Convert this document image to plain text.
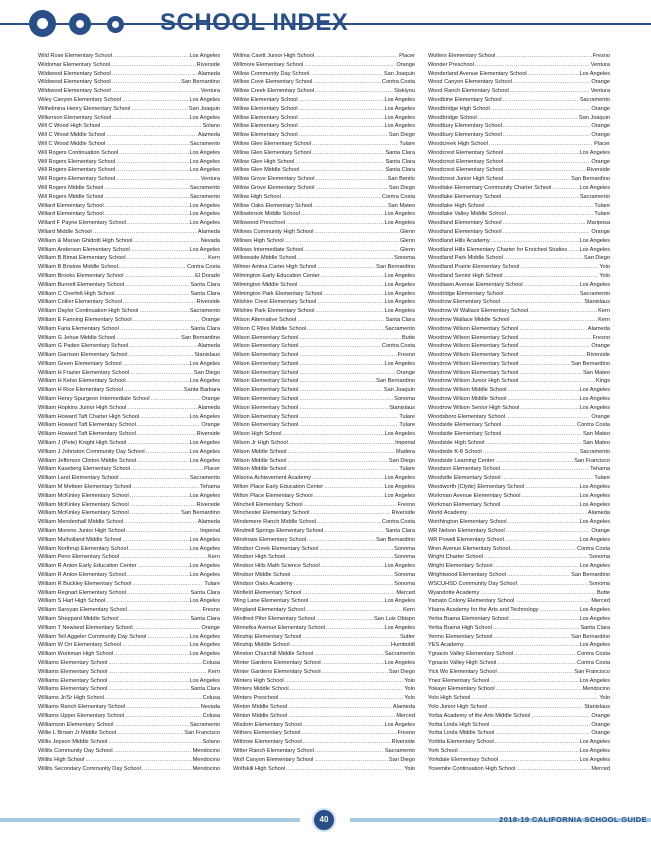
SCHOOL INDEX
Wild Rose Elementary School .....	Los Angeles
Wildomar Elementary School .....	Riverside
Wildwood Elementary School .....	Alameda
Wildwood Elementary School .....	San Bernardino
Wildwood Elementary School .....	Ventura
Wiley Canyon Elementary School .....	Los Angeles
Wilhelmina Henry Elementary School .....	San Joaquin
Wilkerson Elementary School .....	Los Angeles
Will C Wood High School .....	Solano
Will C Wood Middle School .....	Alameda
Will C Wood Middle School .....	Sacramento
Will Rogers Continuation School .....	Los Angeles
Will Rogers Elementary School .....	Los Angeles
Will Rogers Elementary School .....	Los Angeles
Will Rogers Elementary School .....	Ventura
Will Rogers Middle School .....	Sacramento
Will Rogers Middle School .....	Sacramento
Willard Elementary School .....	Los Angeles
Willard Elementary School .....	Los Angeles
Willard F Payne Elementary School .....	Los Angeles
Willard Middle School .....	Alameda
William & Marian Ghidotti High School .....	Nevada
William Anderson Elementary School .....	Los Angeles
William B Bimat Elementary School .....	Kern
William B Bristow Middle School .....	Contra Costa
William Brooks Elementary School .....	El Dorado
William Burnett Elementary School .....	Santa Clara
William C Overfelt High School .....	Santa Clara
William Collier Elementary School .....	Riverside
William Daylor Continuation High School .....	Sacramento
William E Fanning Elementary School .....	Orange
William Faria Elementary School .....	Santa Clara
William G Jehue Middle School .....	San Bernardino
William G Paden Elementary School .....	Alameda
William Garrison Elementary School .....	Stanislaus
William Green Elementary School .....	Los Angeles
William H Frazier Elementary School .....	San Diego
William H Kelso Elementary School .....	Los Angeles
William H Rice Elementary School .....	Santa Barbara
William Henry Spurgeon Intermediate School .....	Orange
William Hopkins Junior High School .....	Alameda
William Howard Taft Charter High School .....	Los Angeles
William Howard Taft Elementary School .....	Orange
William Howard Taft Elementary School .....	Riverside
William J (Pete) Knight High School .....	Los Angeles
William J Johnston Community Day School .....	Los Angeles
William Jefferson Clinton Middle School .....	Los Angeles
William Kaseberg Elementary School .....	Placer
William Land Elementary School .....	Sacramento
William M Metteer Elementary School .....	Tehama
William McKinley Elementary School .....	Los Angeles
William McKinley Elementary School .....	Riverside
William McKinley Elementary School .....	San Bernardino
William Mendenhall Middle School .....	Alameda
William Moreno Junior High School .....	Imperial
William Mulholland Middle School .....	Los Angeles
William Northrup Elementary School .....	Los Angeles
William Penn Elementary School .....	Kern
William R Anton Early Education Center .....	Los Angeles
William R Anton Elementary School .....	Los Angeles
William R Buckley Elementary School .....	Tulare
William Regnart Elementary School .....	Santa Clara
William S Hart High School .....	Los Angeles
William Saroyan Elementary School .....	Fresno
William Sheppard Middle School .....	Santa Clara
William T Newland Elementary School .....	Orange
William Tell Aggeler Community Day School .....	Los Angeles
William W Orr Elementary School .....	Los Angeles
William Workman High School .....	Los Angeles
Williams Elementary School .....	Colusa
Williams Elementary School .....	Kern
Williams Elementary School .....	Los Angeles
Williams Elementary School .....	Santa Clara
Williams Jr/Sr High School .....	Colusa
Williams Ranch Elementary School .....	Nevada
Williams Upper Elementary School .....	Colusa
Williamson Elementary School .....	Sacramento
Willie L Brown Jr Middle School .....	San Francisco
Willis Jepson Middle School .....	Solano
Willits Community Day School .....	Mendocino
Willits High School .....	Mendocino
Willits Secondary Community Day School .....	Mendocino
Willma Cavitt Junior High School .....	Placer
Willmore Elementary School .....	Orange
Willow Community Day School .....	San Joaquin
Willow Cove Elementary School .....	Contra Costa
Willow Creek Elementary School .....	Siskiyou
Willow Elementary School .....	Los Angeles
Willow Elementary School .....	Los Angeles
Willow Elementary School .....	Los Angeles
Willow Elementary School .....	Los Angeles
Willow Elementary School .....	San Diego
Willow Glen Elementary School .....	Tulare
Willow Glen Elementary School .....	Santa Clara
Willow Glen High School .....	Santa Clara
Willow Glen Middle School .....	Santa Clara
Willow Grove Elementary School .....	San Benito
Willow Grove Elementary School .....	San Diego
Willow High School .....	Contra Costa
Willow Oaks Elementary School .....	San Mateo
Willowbrook Middle School .....	Los Angeles
Willowood Preschool .....	Los Angeles
Willows Community High School .....	Glenn
Willows High School .....	Glenn
Willows Intermediate School .....	Glenn
Willowside Middle School .....	Sonoma
Wilmer Amina Carter High School .....	San Bernardino
Wilmington Early Education Center .....	Los Angeles
Wilmington Middle School .....	Los Angeles
Wilmington Park Elementary School .....	Los Angeles
Wilshire Crest Elementary School .....	Los Angeles
Wilshire Park Elementary School .....	Los Angeles
Wilson Alternative School .....	Santa Clara
Wilson C Riles Middle School .....	Sacramento
Wilson Elementary School .....	Butte
Wilson Elementary School .....	Contra Costa
Wilson Elementary School .....	Fresno
Wilson Elementary School .....	Los Angeles
Wilson Elementary School .....	Orange
Wilson Elementary School .....	San Bernardino
Wilson Elementary School .....	San Joaquin
Wilson Elementary School .....	Sonoma
Wilson Elementary School .....	Stanislaus
Wilson Elementary School .....	Tulare
Wilson Elementary School .....	Tulare
Wilson High School .....	Los Angeles
Wilson Jr High School .....	Imperial
Wilson Middle School .....	Madera
Wilson Middle School .....	San Diego
Wilson Middle School .....	Tulare
Wilsona Achievement Academy .....	Los Angeles
Wilton Place Early Education Center .....	Los Angeles
Wilton Place Elementary School .....	Los Angeles
Winchell Elementary School .....	Fresno
Winchester Elementary School .....	Riverside
Windemere Ranch Middle School .....	Contra Costa
Windmill Springs Elementary School .....	Santa Clara
Windrows Elementary School .....	San Bernardino
Windsor Creek Elementary School .....	Sonoma
Windsor High School .....	Sonoma
Windsor Hills Math Science School .....	Los Angeles
Windsor Middle School .....	Sonoma
Windsor Oaks Academy .....	Sonoma
Winfield Elementary School .....	Merced
Wing Lane Elementary School .....	Los Angeles
Wingland Elementary School .....	Kern
Winifred Pifer Elementary School .....	San Luis Obispo
Winnetka Avenue Elementary School .....	Los Angeles
Winship Elementary School .....	Sutter
Winship Middle School .....	Humboldt
Winston Churchill Middle School .....	Sacramento
Winter Gardens Elementary School .....	Los Angeles
Winter Gardens Elementary School .....	San Diego
Winters High School .....	Yolo
Winters Middle School .....	Yolo
Winters Preschool .....	Yolo
Winton Middle School .....	Alameda
Winton Middle School .....	Merced
Wisdom Elementary School .....	Los Angeles
Withers Elementary School .....	Fresno
Withrow Elementary School .....	Riverside
Witter Ranch Elementary School .....	Sacramento
Wolf Canyon Elementary School .....	San Diego
Wolfskill High School .....	Yolo
Wolters Elementary School .....	Fresno
Wonder Preschool .....	Ventura
Wonderland Avenue Elementary School .....	Los Angeles
Wood Canyon Elementary School .....	Orange
Wood Ranch Elementary School .....	Ventura
Woodbine Elementary School .....	Sacramento
Woodbridge High School .....	Orange
Woodbridge School .....	San Joaquin
Woodbury Elementary School .....	Orange
Woodbury Elementary School .....	Orange
Woodcreek High School .....	Placer
Woodcrest Elementary School .....	Los Angeles
Woodcrest Elementary School .....	Orange
Woodcrest Elementary School .....	Riverside
Woodcrest Junior High School .....	San Bernardino
Woodlake Elementary Community Charter School .....	Los Angeles
Woodlake Elementary School .....	Sacramento
Woodlake High School .....	Tulare
Woodlake Valley Middle School .....	Tulare
Woodland Elementary School .....	Mariposa
Woodland Elementary School .....	Orange
Woodland Hills Academy .....	Los Angeles
Woodland Hills Elementary Charter for Enriched Studies ..... Los Angeles
Woodland Park Middle School .....	San Diego
Woodland Prairie Elementary School .....	Yolo
Woodland Senior High School .....	Yolo
Woodlawn Avenue Elementary School .....	Los Angeles
Woodridge Elementary School .....	Sacramento
Woodrow Elementary School .....	Stanislaus
Woodrow W Wallace Elementary School .....	Kern
Woodrow Wallace Middle School .....	Kern
Woodrow Wilson Elementary School .....	Alameda
Woodrow Wilson Elementary School .....	Fresno
Woodrow Wilson Elementary School .....	Orange
Woodrow Wilson Elementary School .....	Riverside
Woodrow Wilson Elementary School .....	San Bernardino
Woodrow Wilson Elementary School .....	San Mateo
Woodrow Wilson Junior High School .....	Kings
Woodrow Wilson Middle School .....	Los Angeles
Woodrow Wilson Middle School .....	Los Angeles
Woodrow Wilson Senior High School .....	Los Angeles
Woodsboro Elementary School .....	Orange
Woodside Elementary School .....	Contra Costa
Woodside Elementary School .....	San Mateo
Woodside High School .....	San Mateo
Woodside K-8 School .....	Sacramento
Woodside Learning Center .....	San Francisco
Woodson Elementary School .....	Tehama
Woodville Elementary School .....	Tulare
Woodworth (Clyde) Elementary School .....	Los Angeles
Workman Avenue Elementary School .....	Los Angeles
Workman Elementary School .....	Los Angeles
World Academy .....	Alameda
Worthington Elementary School .....	Los Angeles
WR Nelson Elementary School .....	Orange
WR Powell Elementary School .....	Los Angeles
Wren Avenue Elementary School .....	Contra Costa
Wright Charter School .....	Sonoma
Wright Elementary School .....	Los Angeles
Wrightwood Elementary School .....	San Bernardino
WSCUHSD Community Day School .....	Sonoma
Wyandotte Academy .....	Butte
Yamato Colony Elementary School .....	Merced
Ybarra Academy for the Arts and Technology .....	Los Angeles
Yerba Buena Elementary School .....	Los Angeles
Yerba Buena High School .....	Santa Clara
Yermo Elementary School .....	San Bernardino
YES Academy .....	Los Angeles
Ygnacio Valley Elementary School .....	Contra Costa
Ygnacio Valley High School .....	Contra Costa
Yick Wo Elementary School .....	San Francisco
Ynez Elementary School .....	Los Angeles
Yokayo Elementary School .....	Mendocino
Yolo High School .....	Yolo
Yolo Junior High School .....	Stanislaus
Yorba Academy of the Arts Middle School .....	Orange
Yorba Linda High School .....	Orange
Yorba Linda Middle School .....	Orange
Yorbita Elementary School .....	Los Angeles
York School .....	Los Angeles
Yorkdale Elementary School .....	Los Angeles
Yosemite Continuation High School .....	Merced
40	2018-19 CALIFORNIA SCHOOL GUIDE
